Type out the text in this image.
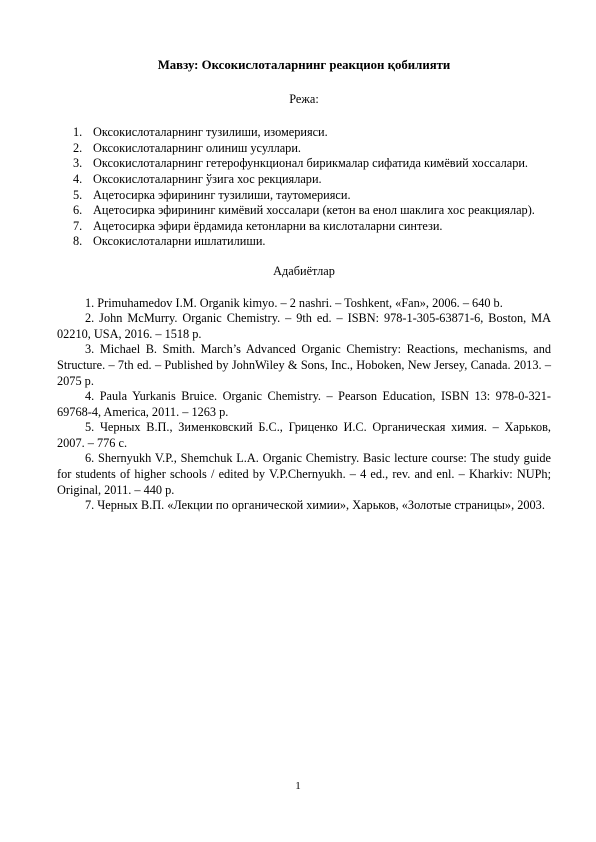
Мавзу: Оксокислоталарнинг реакцион қобилияти
Режа:
1. Оксокислоталарнинг тузилиши, изомерияси.
2. Оксокислоталарнинг олиниш усуллари.
3. Оксокислоталарнинг гетерофункционал бирикмалар сифатида кимёвий хоссалари.
4. Оксокислоталарнинг ўзига хос рекциялари.
5. Ацетосирка эфирининг тузилиши, таутомерияси.
6. Ацетосирка эфирининг кимёвий хоссалари (кетон ва енол шаклига хос реакциялар).
7. Ацетосирка эфири ёрдамида кетонларни ва кислоталарни синтези.
8. Оксокислоталарни ишлатилиши.
Адабиётлар
1. Primuhamedov I.M. Organik kimyo. – 2 nashri. – Toshkent, «Fan», 2006. – 640 b.
2. John McMurry. Organic Chemistry. – 9th ed. – ISBN: 978-1-305-63871-6, Boston, MA 02210, USA, 2016. – 1518 p.
3. Michael B. Smith. March’s Advanced Organic Chemistry: Reactions, mechanisms, and Structure. – 7th ed. – Published by JohnWiley & Sons, Inc., Hoboken, New Jersey, Canada. 2013. – 2075 p.
4. Paula Yurkanis Bruice. Organic Chemistry. – Pearson Education, ISBN 13: 978-0-321-69768-4, America, 2011. – 1263 p.
5. Черных В.П., Зименковский Б.С., Гриценко И.С. Органическая химия. – Харьков, 2007. – 776 с.
6. Shernyukh V.P., Shemchuk L.A. Organic Chemistry. Basic lecture course: The study guide for students of higher schools / edited by V.P.Chernyukh. – 4 ed., rev. and enl. – Kharkiv: NUPh; Original, 2011. – 440 p.
7. Черных В.П. «Лекции по органической химии», Харьков, «Золотые страницы», 2003.
1
